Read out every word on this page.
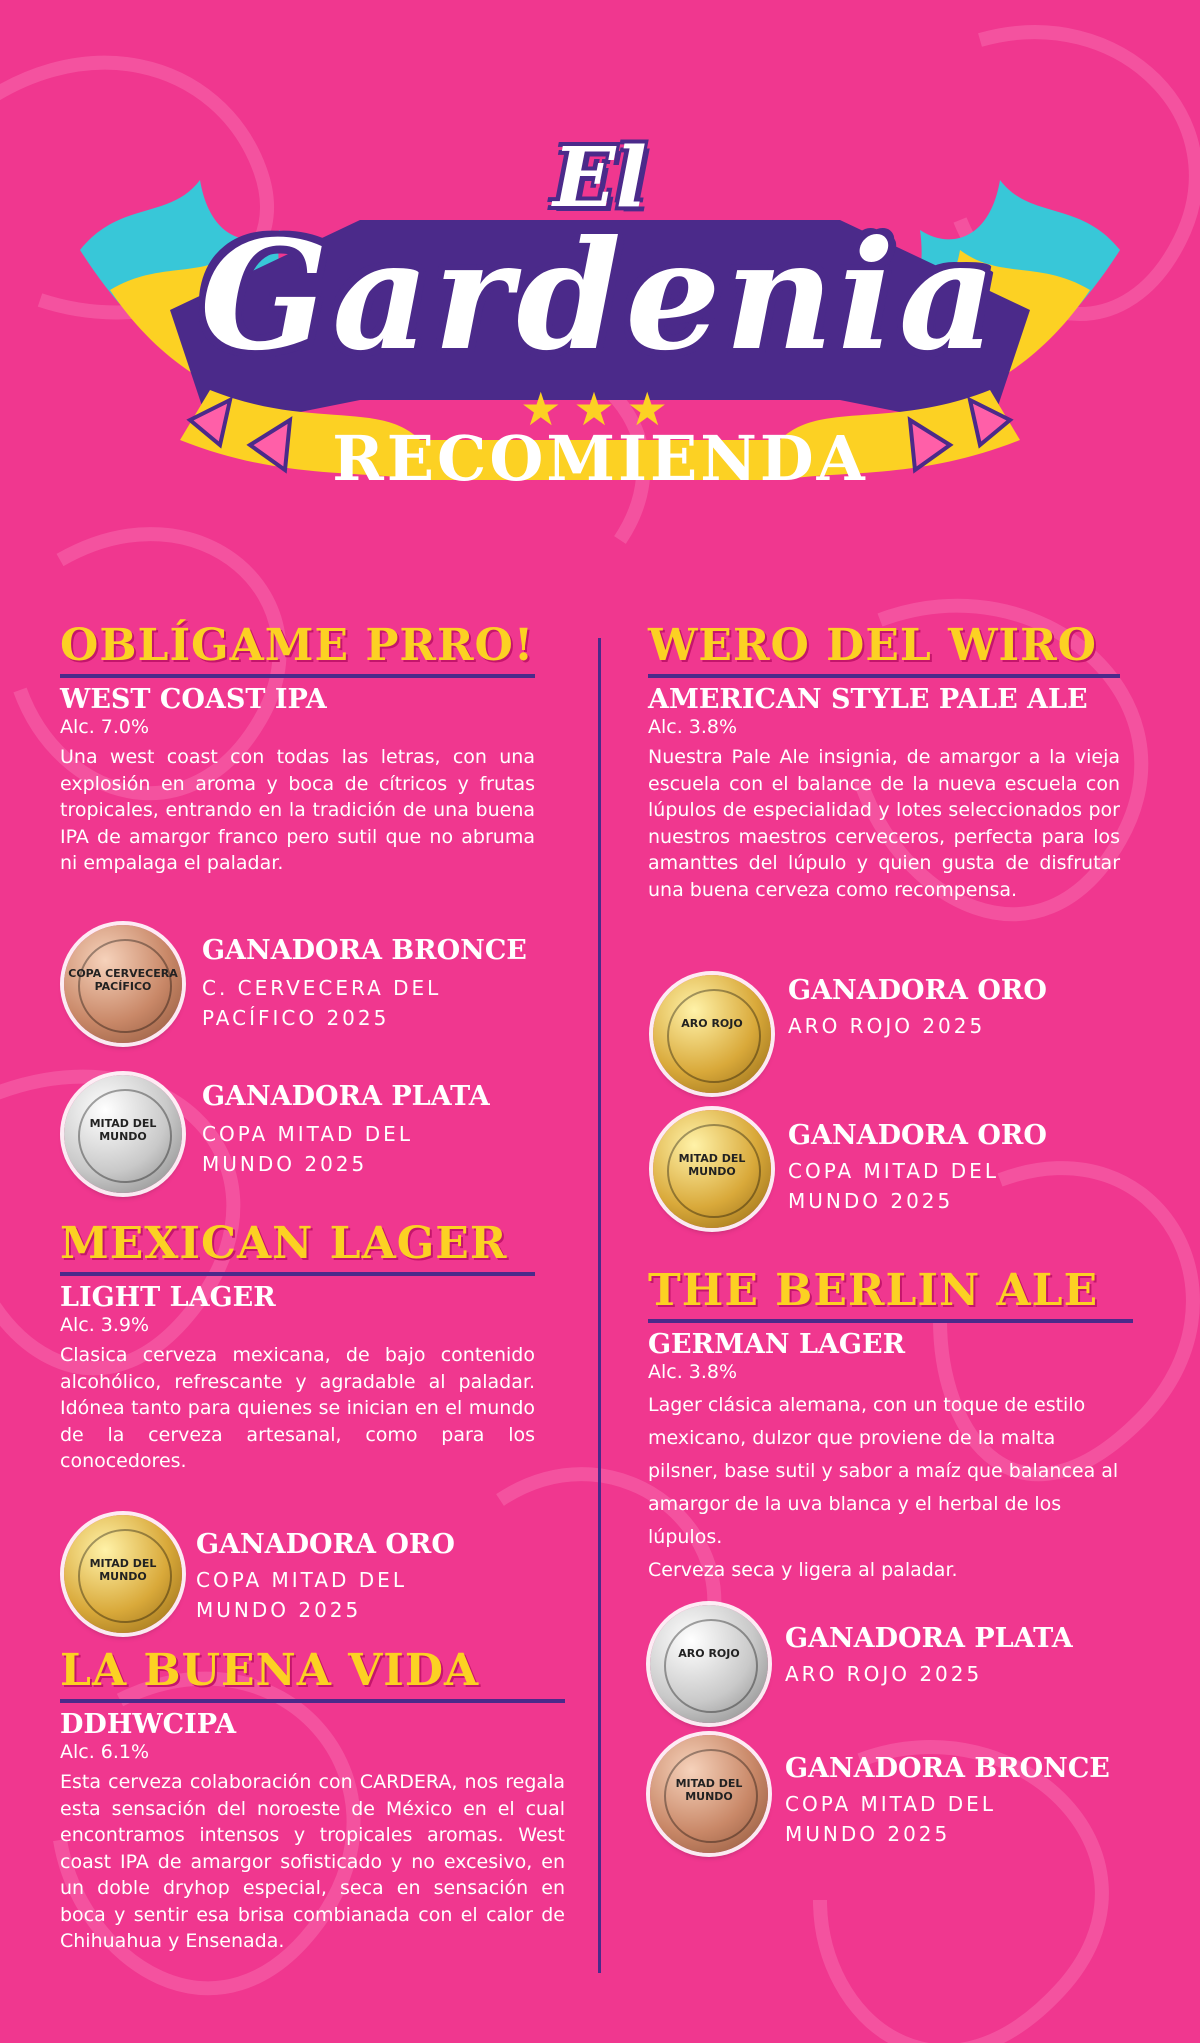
El
Gardenia
★★★
RECOMIENDA
OBLÍGAME PRRO!
WEST COAST IPA
Alc. 7.0%
Una west coast con todas las letras, con una explosión en aroma y boca de cítricos y frutas tropicales, entrando en la tradición de una buena IPA de amargor franco pero sutil que no abruma ni empalaga el paladar.
COPA CERVECERA PACÍFICO
GANADORA BRONCE
C. CERVECERA DEL PACÍFICO 2025
MITAD DEL MUNDO
GANADORA PLATA
COPA MITAD DEL MUNDO 2025
MEXICAN LAGER
LIGHT LAGER
Alc. 3.9%
Clasica cerveza mexicana, de bajo contenido alcohólico, refrescante y agradable al paladar. Idónea tanto para quienes se inician en el mundo de la cerveza artesanal, como para los conocedores.
MITAD DEL MUNDO
GANADORA ORO
COPA MITAD DEL MUNDO 2025
LA BUENA VIDA
DDHWCIPA
Alc. 6.1%
Esta cerveza colaboración con CARDERA, nos regala esta sensación del noroeste de México en el cual encontramos intensos y tropicales aromas. West coast IPA de amargor sofisticado y no excesivo, en un doble dryhop especial, seca en sensación en boca y sentir esa brisa combianada con el calor de Chihuahua y Ensenada.
WERO DEL WIRO
AMERICAN STYLE PALE ALE
Alc. 3.8%
Nuestra Pale Ale insignia, de amargor a la vieja escuela con el balance de la nueva escuela con lúpulos de especialidad y lotes seleccionados por nuestros maestros cerveceros, perfecta para los amanttes del lúpulo y quien gusta de disfrutar una buena cerveza como recompensa.
ARO ROJO
GANADORA ORO
ARO ROJO 2025
MITAD DEL MUNDO
GANADORA ORO
COPA MITAD DEL MUNDO 2025
THE BERLIN ALE
GERMAN LAGER
Alc. 3.8%
Lager clásica alemana, con un toque de estilo mexicano, dulzor que proviene de la malta pilsner, base sutil y sabor a maíz que balancea al amargor de la uva blanca y el herbal de los lúpulos.
Cerveza seca y ligera al paladar.
ARO ROJO	GANADORA PLATA
ARO ROJO 2025
MITAD DEL MUNDO
GANADORA BRONCE
COPA MITAD DEL MUNDO 2025
